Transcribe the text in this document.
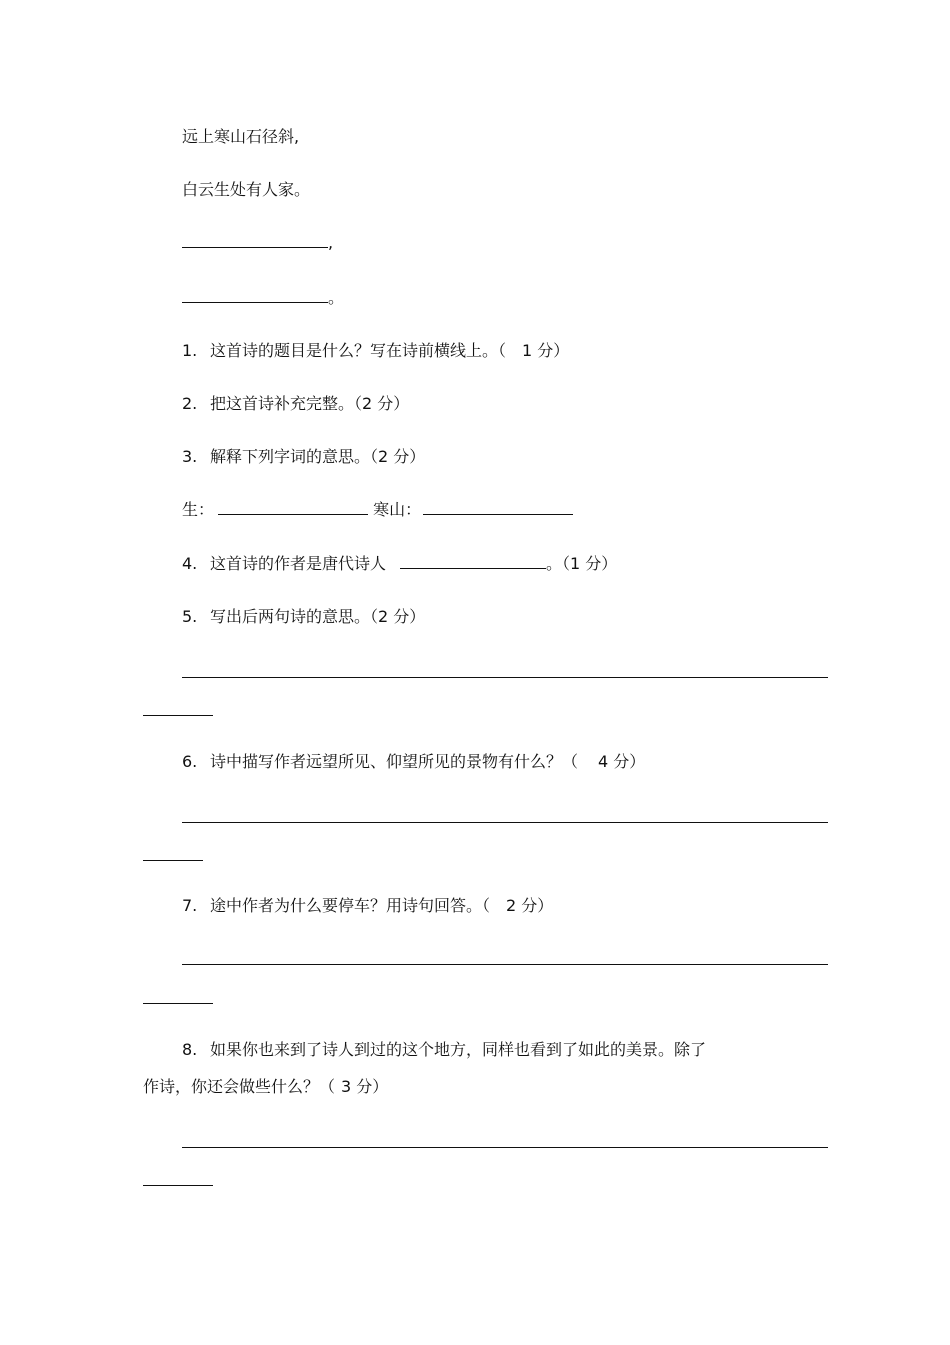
远上寒山石径斜,
白云生处有人家。
,
。
1. 这首诗的题目是什么？写在诗前横线上。（ 1 分）
2. 把这首诗补充完整。（2 分）
3. 解释下列字词的意思。（2 分）
生：	寒山：
4. 这首诗的作者是唐代诗人	。（1 分）
5. 写出后两句诗的意思。（2 分）
6. 诗中描写作者远望所见、仰望所见的景物有什么？（ 4 分）
7. 途中作者为什么要停车？用诗句回答。（ 2 分）
8. 如果你也来到了诗人到过的这个地方，同样也看到了如此的美景。除了
作诗，你还会做些什么？（ 3 分）
